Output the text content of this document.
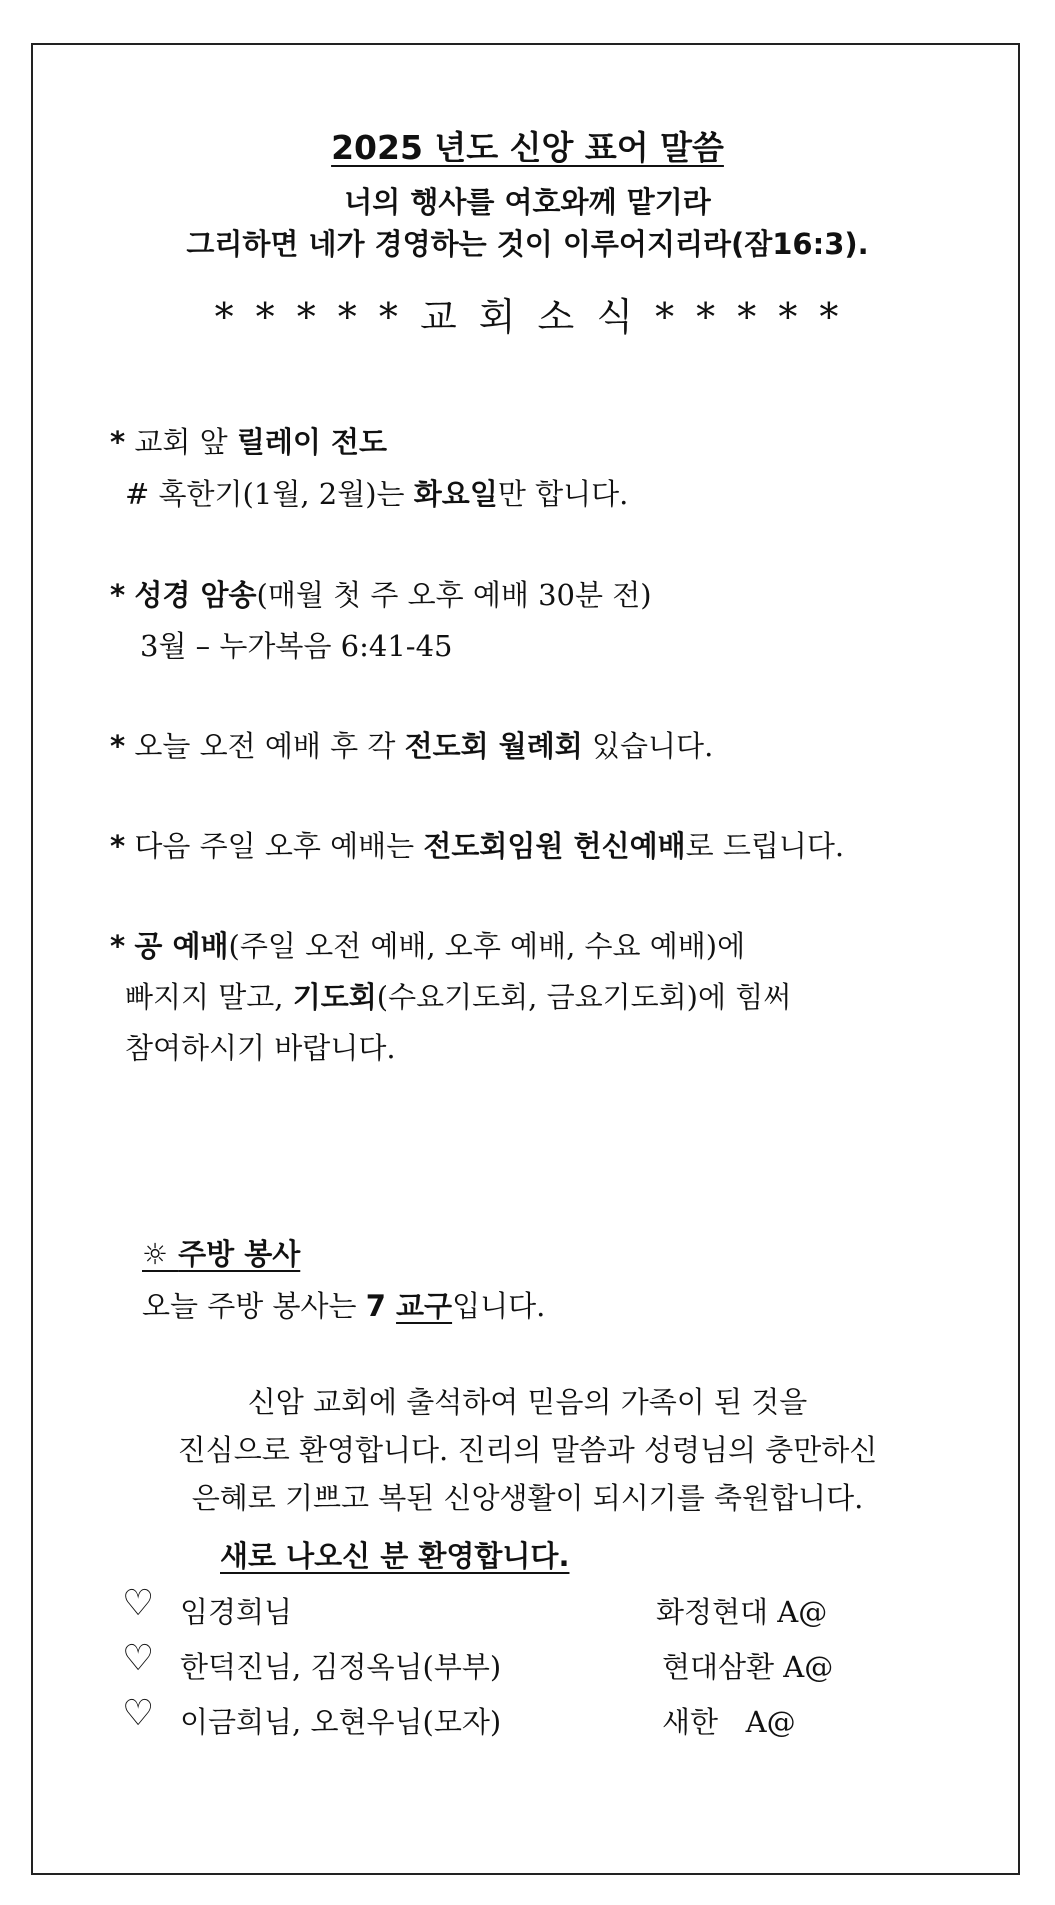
2025 년도 신앙 표어 말씀
너의 행사를 여호와께 맡기라
그리하면 네가 경영하는 것이 이루어지리라(잠16:3).
* * * * * 교 회 소 식 * * * * *
* 교회 앞 릴레이 전도
# 혹한기(1월, 2월)는 화요일만 합니다.
* 성경 암송(매월 첫 주 오후 예배 30분 전)
3월 – 누가복음 6:41-45
* 오늘 오전 예배 후 각 전도회 월례회 있습니다.
* 다음 주일 오후 예배는 전도회임원 헌신예배로 드립니다.
* 공 예배(주일 오전 예배, 오후 예배, 수요 예배)에
빠지지 말고, 기도회(수요기도회, 금요기도회)에 힘써
참여하시기 바랍니다.
☼ 주방 봉사
오늘 주방 봉사는 7 교구입니다.
신암 교회에 출석하여 믿음의 가족이 된 것을
진심으로 환영합니다. 진리의 말씀과 성령님의 충만하신
은혜로 기쁘고 복된 신앙생활이 되시기를 축원합니다.
새로 나오신 분 환영합니다.
♡ 임경희님	화정현대 A@
♡ 한덕진님, 김정옥님(부부)	현대삼환 A@
♡ 이금희님, 오현우님(모자)	새한   A@
